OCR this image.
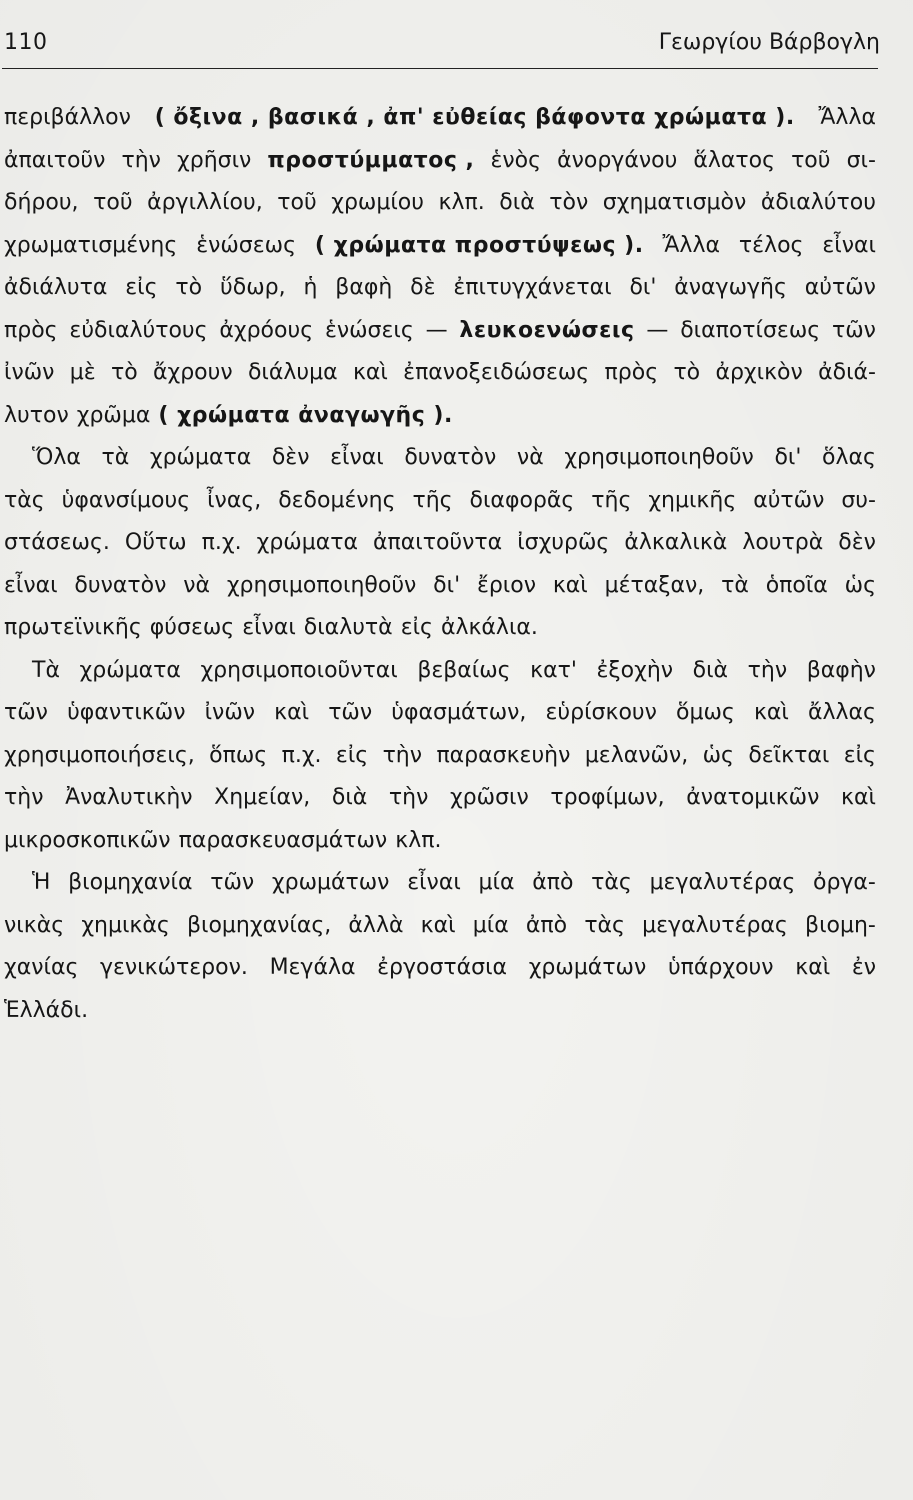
110	Γεωργίου Βάρβογλη
περιβάλλον ( ὄξινα , βασικά , ἀπ' εὐθείας βάφοντα χρώματα ). Ἄλλα
ἀπαιτοῦν τὴν χρῆσιν προστύμματος , ἑνὸς ἀνοργάνου ἅλατος τοῦ σι-
δήρου, τοῦ ἀργιλλίου, τοῦ χρωμίου κλπ. διὰ τὸν σχηματισμὸν ἀδιαλύτου
χρωματισμένης ἑνώσεως ( χρώματα προστύψεως ). Ἄλλα τέλος εἶναι
ἀδιάλυτα εἰς τὸ ὕδωρ, ἡ βαφὴ δὲ ἐπιτυγχάνεται δι' ἀναγωγῆς αὐτῶν
πρὸς εὐδιαλύτους ἀχρόους ἑνώσεις — λευκοενώσεις — διαποτίσεως τῶν
ἰνῶν μὲ τὸ ἄχρουν διάλυμα καὶ ἐπανοξειδώσεως πρὸς τὸ ἀρχικὸν ἀδιά-
λυτον χρῶμα ( χρώματα ἀναγωγῆς ).
Ὅλα τὰ χρώματα δὲν εἶναι δυνατὸν νὰ χρησιμοποιηθοῦν δι' ὅλας
τὰς ὑφανσίμους ἶνας, δεδομένης τῆς διαφορᾶς τῆς χημικῆς αὐτῶν συ-
στάσεως. Οὕτω π.χ. χρώματα ἀπαιτοῦντα ἰσχυρῶς ἀλκαλικὰ λουτρὰ δὲν
εἶναι δυνατὸν νὰ χρησιμοποιηθοῦν δι' ἔριον καὶ μέταξαν, τὰ ὁποῖα ὡς
πρωτεϊνικῆς φύσεως εἶναι διαλυτὰ εἰς ἀλκάλια.
Τὰ χρώματα χρησιμοποιοῦνται βεβαίως κατ' ἐξοχὴν διὰ τὴν βαφὴν
τῶν ὑφαντικῶν ἰνῶν καὶ τῶν ὑφασμάτων, εὑρίσκουν ὅμως καὶ ἄλλας
χρησιμοποιήσεις, ὅπως π.χ. εἰς τὴν παρασκευὴν μελανῶν, ὡς δεῖκται εἰς
τὴν Ἀναλυτικὴν Χημείαν, διὰ τὴν χρῶσιν τροφίμων, ἀνατομικῶν καὶ
μικροσκοπικῶν παρασκευασμάτων κλπ.
Ἡ βιομηχανία τῶν χρωμάτων εἶναι μία ἀπὸ τὰς μεγαλυτέρας ὀργα-
νικὰς χημικὰς βιομηχανίας, ἀλλὰ καὶ μία ἀπὸ τὰς μεγαλυτέρας βιομη-
χανίας γενικώτερον. Μεγάλα ἐργοστάσια χρωμάτων ὑπάρχουν καὶ ἐν
Ἑλλάδι.
